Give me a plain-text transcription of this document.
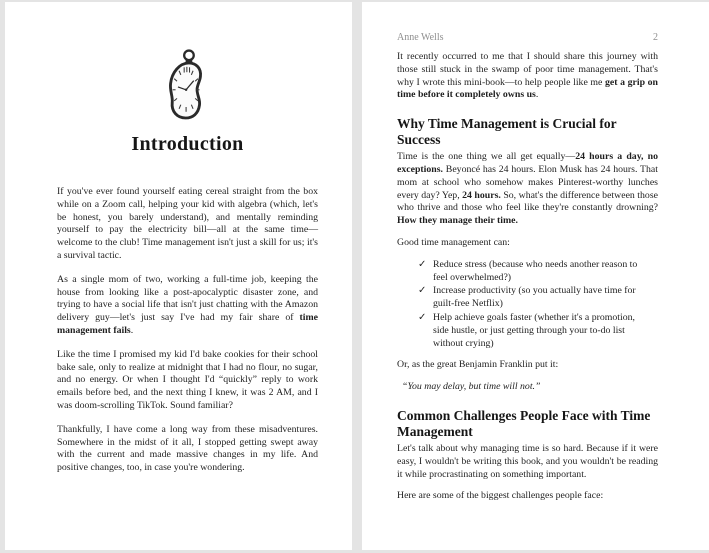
Introduction

If you've ever found yourself eating cereal straight from the box while on a Zoom call, helping your kid with algebra (which, let's be honest, you barely understand), and mentally reminding yourself to pay the electricity bill—all at the same time—welcome to the club! Time management isn't just a skill for us; it's a survival tactic.

As a single mom of two, working a full-time job, keeping the house from looking like a post-apocalyptic disaster zone, and trying to have a social life that isn't just chatting with the Amazon delivery guy—let's just say I've had my fair share of time management fails.

Like the time I promised my kid I'd bake cookies for their school bake sale, only to realize at midnight that I had no flour, no sugar, and no energy. Or when I thought I'd “quickly” reply to work emails before bed, and the next thing I knew, it was 2 AM, and I was doom-scrolling TikTok. Sound familiar?

Thankfully, I have come a long way from these misadventures. Somewhere in the midst of it all, I stopped getting swept away with the current and made massive changes in my life. And positive changes, too, in case you're wondering.

Anne Wells	2

It recently occurred to me that I should share this journey with those still stuck in the swamp of poor time management. That's why I wrote this mini-book—to help people like me get a grip on time before it completely owns us.

Why Time Management is Crucial for Success

Time is the one thing we all get equally—24 hours a day, no exceptions. Beyoncé has 24 hours. Elon Musk has 24 hours. That mom at school who somehow makes Pinterest-worthy lunches every day? Yep, 24 hours. So, what's the difference between those who thrive and those who feel like they're constantly drowning? How they manage their time.

Good time management can:

✓ Reduce stress (because who needs another reason to feel overwhelmed?)
✓ Increase productivity (so you actually have time for guilt-free Netflix)
✓ Help achieve goals faster (whether it's a promotion, side hustle, or just getting through your to-do list without crying)

Or, as the great Benjamin Franklin put it:

“You may delay, but time will not.”

Common Challenges People Face with Time Management

Let's talk about why managing time is so hard. Because if it were easy, I wouldn't be writing this book, and you wouldn't be reading it while procrastinating on something important.

Here are some of the biggest challenges people face:
